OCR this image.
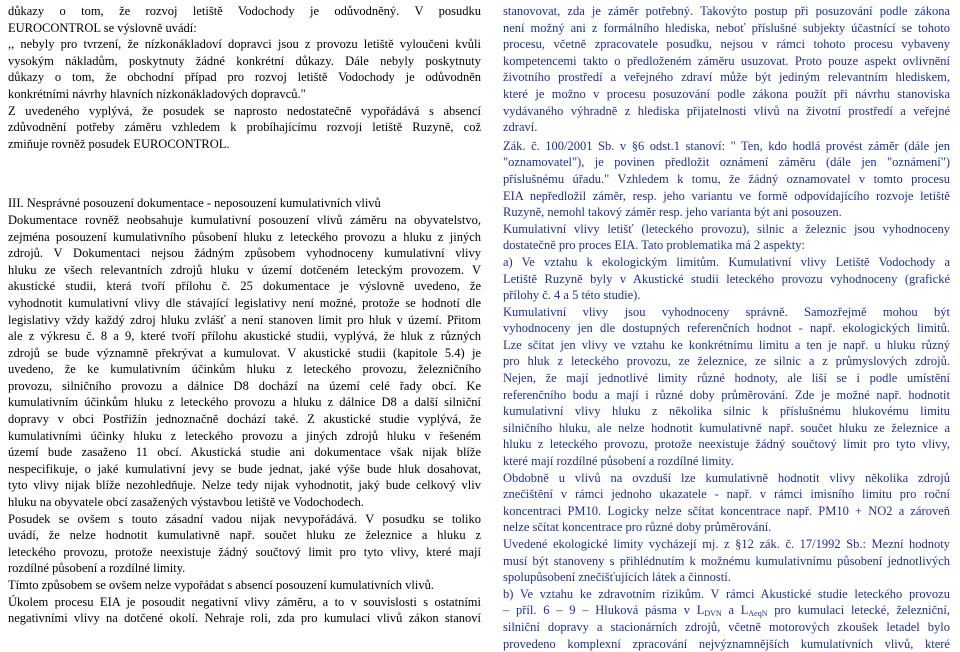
důkazy o tom, že rozvoj letiště Vodochody je odůvodněný. V posudku
EUROCONTROL se výslovně uvádí:
,, nebyly pro tvrzení, že nízkonákladoví dopravci jsou z provozu letiště vyloučeni kvůli
vysokým nákladům, poskytnuty žádné konkrétní důkazy. Dále nebyly poskytnuty
důkazy o tom, že obchodní případ pro rozvoj letiště Vodochody je odůvodněn
konkrétními návrhy hlavních nízkonákladových dopravců."
Z uvedeného vyplývá, že posudek se naprosto nedostatečně vypořádává s absencí
zdůvodnění potřeby záměru vzhledem k probíhajícímu rozvoji letiště Ruzyně, což
zmiňuje rovněž posudek EUROCONTROL.
III. Nesprávné posouzení dokumentace - neposouzení kumulativních vlivů
Dokumentace rovněž neobsahuje kumulativní posouzení vlivů záměru na obyvatelstvo,
zejména posouzení kumulativního působení hluku z leteckého provozu a hluku z jiných
zdrojů. V Dokumentaci nejsou žádným způsobem vyhodnoceny kumulativní vlivy
hluku ze všech relevantních zdrojů hluku v území dotčeném leteckým provozem. V
akustické studii, která tvoří přílohu č. 25 dokumentace je výslovně uvedeno, že
vyhodnotit kumulativní vlivy dle stávající legislativy není možné, protože se hodnotí dle
legislativy vždy každý zdroj hluku zvlášť a není stanoven limit pro hluk v území. Přitom
ale z výkresu č. 8 a 9, které tvoří přílohu akustické studii, vyplývá, že hluk z různých
zdrojů se bude významně překrývat a kumulovat. V akustické studii (kapitole 5.4) je
uvedeno, že ke kumulativním účinkům hluku z leteckého provozu, železničního
provozu, silničního provozu a dálnice D8 dochází na území celé řady obcí. Ke
kumulativním účinkům hluku z leteckého provozu a hluku z dálnice D8 a další silniční
dopravy v obci Postřižín jednoznačně dochází také. Z akustické studie vyplývá, že
kumulativními účinky hluku z leteckého provozu a jiných zdrojů hluku v řešeném
území bude zasaženo 11 obcí. Akustická studie ani dokumentace však nijak blíže
nespecifikuje, o jaké kumulativní jevy se bude jednat, jaké výše bude hluk dosahovat,
tyto vlivy nijak blíže nezohledňuje. Nelze tedy nijak vyhodnotit, jaký bude celkový vliv
hluku na obyvatele obcí zasažených výstavbou letiště ve Vodochodech.
Posudek se ovšem s touto zásadní vadou nijak nevypořádává. V posudku se toliko
uvádí, že nelze hodnotit kumulativně např. součet hluku ze železnice a hluku z
leteckého provozu, protože neexistuje žádný součtový limit pro tyto vlivy, které mají
rozdílné působení a rozdílné limity.
Tímto způsobem se ovšem nelze vypořádat s absencí posouzení kumulativních vlivů.
Úkolem procesu EIA je posoudit negativní vlivy záměru, a to v souvislosti s ostatními
negativními vlivy na dotčené okolí. Nehraje roli, zda pro kumulaci vlivů zákon stanoví
stanovovat, zda je záměr potřebný. Takovýto postup při posuzování podle zákona
není možný ani z formálního hlediska, neboť příslušné subjekty účastnící se tohoto
procesu, včetně zpracovatele posudku, nejsou v rámci tohoto procesu vybaveny
kompetencemi takto o předloženém záměru usuzovat. Proto pouze aspekt ovlivnění
životního prostředí a veřejného zdraví může být jediným relevantním hlediskem,
které je možno v procesu posuzování podle zákona použít při návrhu stanoviska
vydávaného výhradně z hlediska přijatelnosti vlivů na životní prostředí a veřejné
zdraví.
Zák. č. 100/2001 Sb. v §6 odst.1 stanoví: " Ten, kdo hodlá provést záměr (dále jen
"oznamovatel"), je povinen předložit oznámení záměru (dále jen "oznámení")
příslušnému úřadu." Vzhledem k tomu, že žádný oznamovatel v tomto procesu
EIA nepředložil záměr, resp. jeho variantu ve formě odpovídajícího rozvoje letiště
Ruzyně, nemohl takový záměr resp. jeho varianta být ani posouzen.
Kumulativní vlivy letišť (leteckého provozu), silnic a železnic jsou vyhodnoceny
dostatečně pro proces EIA. Tato problematika má 2 aspekty:
a) Ve vztahu k ekologickým limitům. Kumulativní vlivy Letiště Vodochody a
Letiště Ruzyně byly v Akustické studii leteckého provozu vyhodnoceny (grafické
přílohy č. 4 a 5 této studie).
Kumulativní vlivy jsou vyhodnoceny správně. Samozřejmě mohou být
vyhodnoceny jen dle dostupných referenčních hodnot - např. ekologických limitů.
Lze sčítat jen vlivy ve vztahu ke konkrétnímu limitu a ten je např. u hluku různý
pro hluk z leteckého provozu, ze železnice, ze silnic a z průmyslových zdrojů.
Nejen, že mají jednotlivé limity různé hodnoty, ale liší se i podle umístění
referenčního bodu a mají i různé doby průměrování. Zde je možné např. hodnotit
kumulativní vlivy hluku z několika silnic k příslušnému hlukovému limitu
silničního hluku, ale nelze hodnotit kumulativně např. součet hluku ze železnice a
hluku z leteckého provozu, protože neexistuje žádný součtový limit pro tyto vlivy,
které mají rozdílné působení a rozdílné limity.
Obdobně u vlivů na ovzduší lze kumulativně hodnotit vlivy několika zdrojů
znečištění v rámci jednoho ukazatele - např. v rámci imisního limitu pro roční
koncentraci PM10. Logicky nelze sčítat koncentrace např. PM10 + NO2 a zároveň
nelze sčítat koncentrace pro různé doby průměrování.
Uvedené ekologické limity vycházejí mj. z §12 zák. č. 17/1992 Sb.: Mezní hodnoty
musí být stanoveny s přihlédnutím k možnému kumulativnímu působení jednotlivých
spolupůsobení znečišťujících látek a činností.
b) Ve vztahu ke zdravotním rizikům. V rámci Akustické studie leteckého provozu
– příl. 6 – 9 – Hluková pásma v $L_{DVN}$ a $L_{AeqN}$ pro kumulaci letecké, železniční,
silniční dopravy a stacionárních zdrojů, včetně motorových zkoušek letadel bylo
provedeno komplexní zpracování nejvýznamnějších kumulativních vlivů, které
